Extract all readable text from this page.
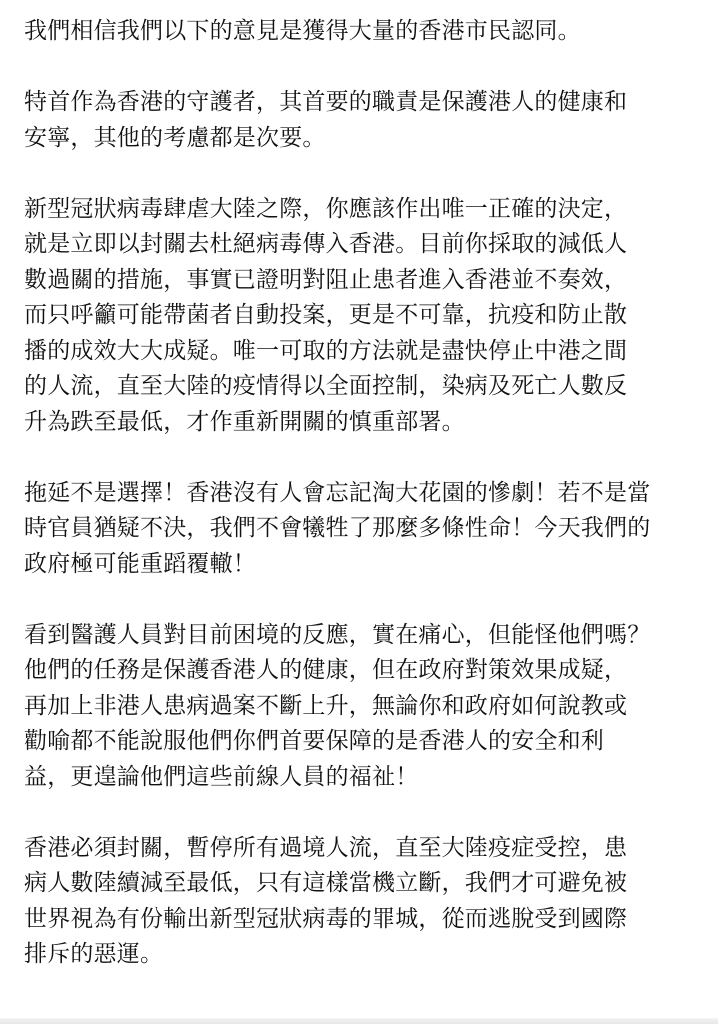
我們相信我們以下的意見是獲得大量的香港市民認同。
特首作為香港的守護者，其首要的職責是保護港人的健康和
安寧，其他的考慮都是次要。
新型冠狀病毒肆虐大陸之際，你應該作出唯一正確的決定，
就是立即以封關去杜絕病毒傳入香港。目前你採取的減低人
數過關的措施，事實已證明對阻止患者進入香港並不奏效，
而只呼籲可能帶菌者自動投案，更是不可靠，抗疫和防止散
播的成效大大成疑。唯一可取的方法就是盡快停止中港之間
的人流，直至大陸的疫情得以全面控制，染病及死亡人數反
升為跌至最低，才作重新開關的慎重部署。
拖延不是選擇！香港沒有人會忘記淘大花園的慘劇！若不是當
時官員猶疑不決，我們不會犧牲了那麼多條性命！今天我們的
政府極可能重蹈覆轍！
看到醫護人員對目前困境的反應，實在痛心，但能怪他們嗎？
他們的任務是保護香港人的健康，但在政府對策效果成疑，
再加上非港人患病過案不斷上升，無論你和政府如何說教或
勸喻都不能說服他們你們首要保障的是香港人的安全和利
益，更遑論他們這些前線人員的福祉！
香港必須封關，暫停所有過境人流，直至大陸疫症受控，患
病人數陸續減至最低，只有這樣當機立斷，我們才可避免被
世界視為有份輸出新型冠狀病毒的罪城，從而逃脫受到國際
排斥的惡運。
